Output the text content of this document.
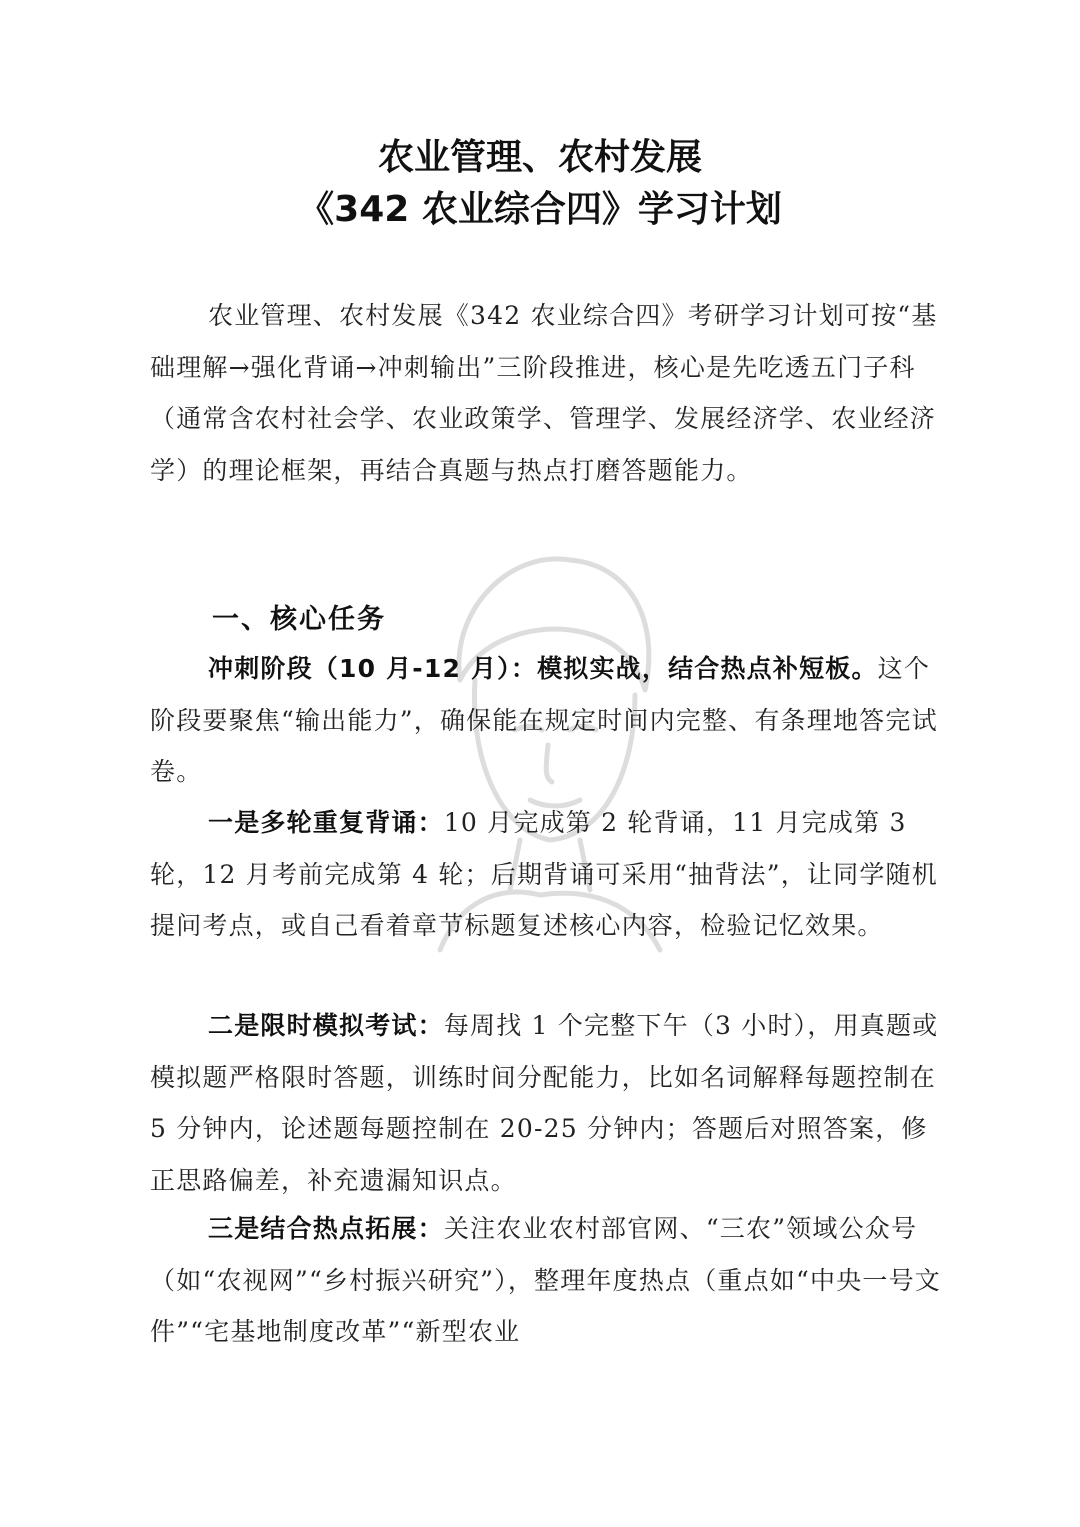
农业管理、农村发展
《342 农业综合四》学习计划

农业管理、农村发展《342 农业综合四》考研学习计划可按“基础理解→强化背诵→冲刺输出”三阶段推进，核心是先吃透五门子科（通常含农村社会学、农业政策学、管理学、发展经济学、农业经济学）的理论框架，再结合真题与热点打磨答题能力。

一、核心任务

冲刺阶段（10 月-12 月）：模拟实战，结合热点补短板。这个阶段要聚焦“输出能力”，确保能在规定时间内完整、有条理地答完试卷。

一是多轮重复背诵：10 月完成第 2 轮背诵，11 月完成第 3 轮，12 月考前完成第 4 轮；后期背诵可采用“抽背法”，让同学随机提问考点，或自己看着章节标题复述核心内容，检验记忆效果。

二是限时模拟考试：每周找 1 个完整下午（3 小时），用真题或模拟题严格限时答题，训练时间分配能力，比如名词解释每题控制在 5 分钟内，论述题每题控制在 20-25 分钟内；答题后对照答案，修正思路偏差，补充遗漏知识点。

三是结合热点拓展：关注农业农村部官网、“三农”领域公众号（如“农视网”“乡村振兴研究”），整理年度热点（重点如“中央一号文件”“宅基地制度改革”“新型农业
